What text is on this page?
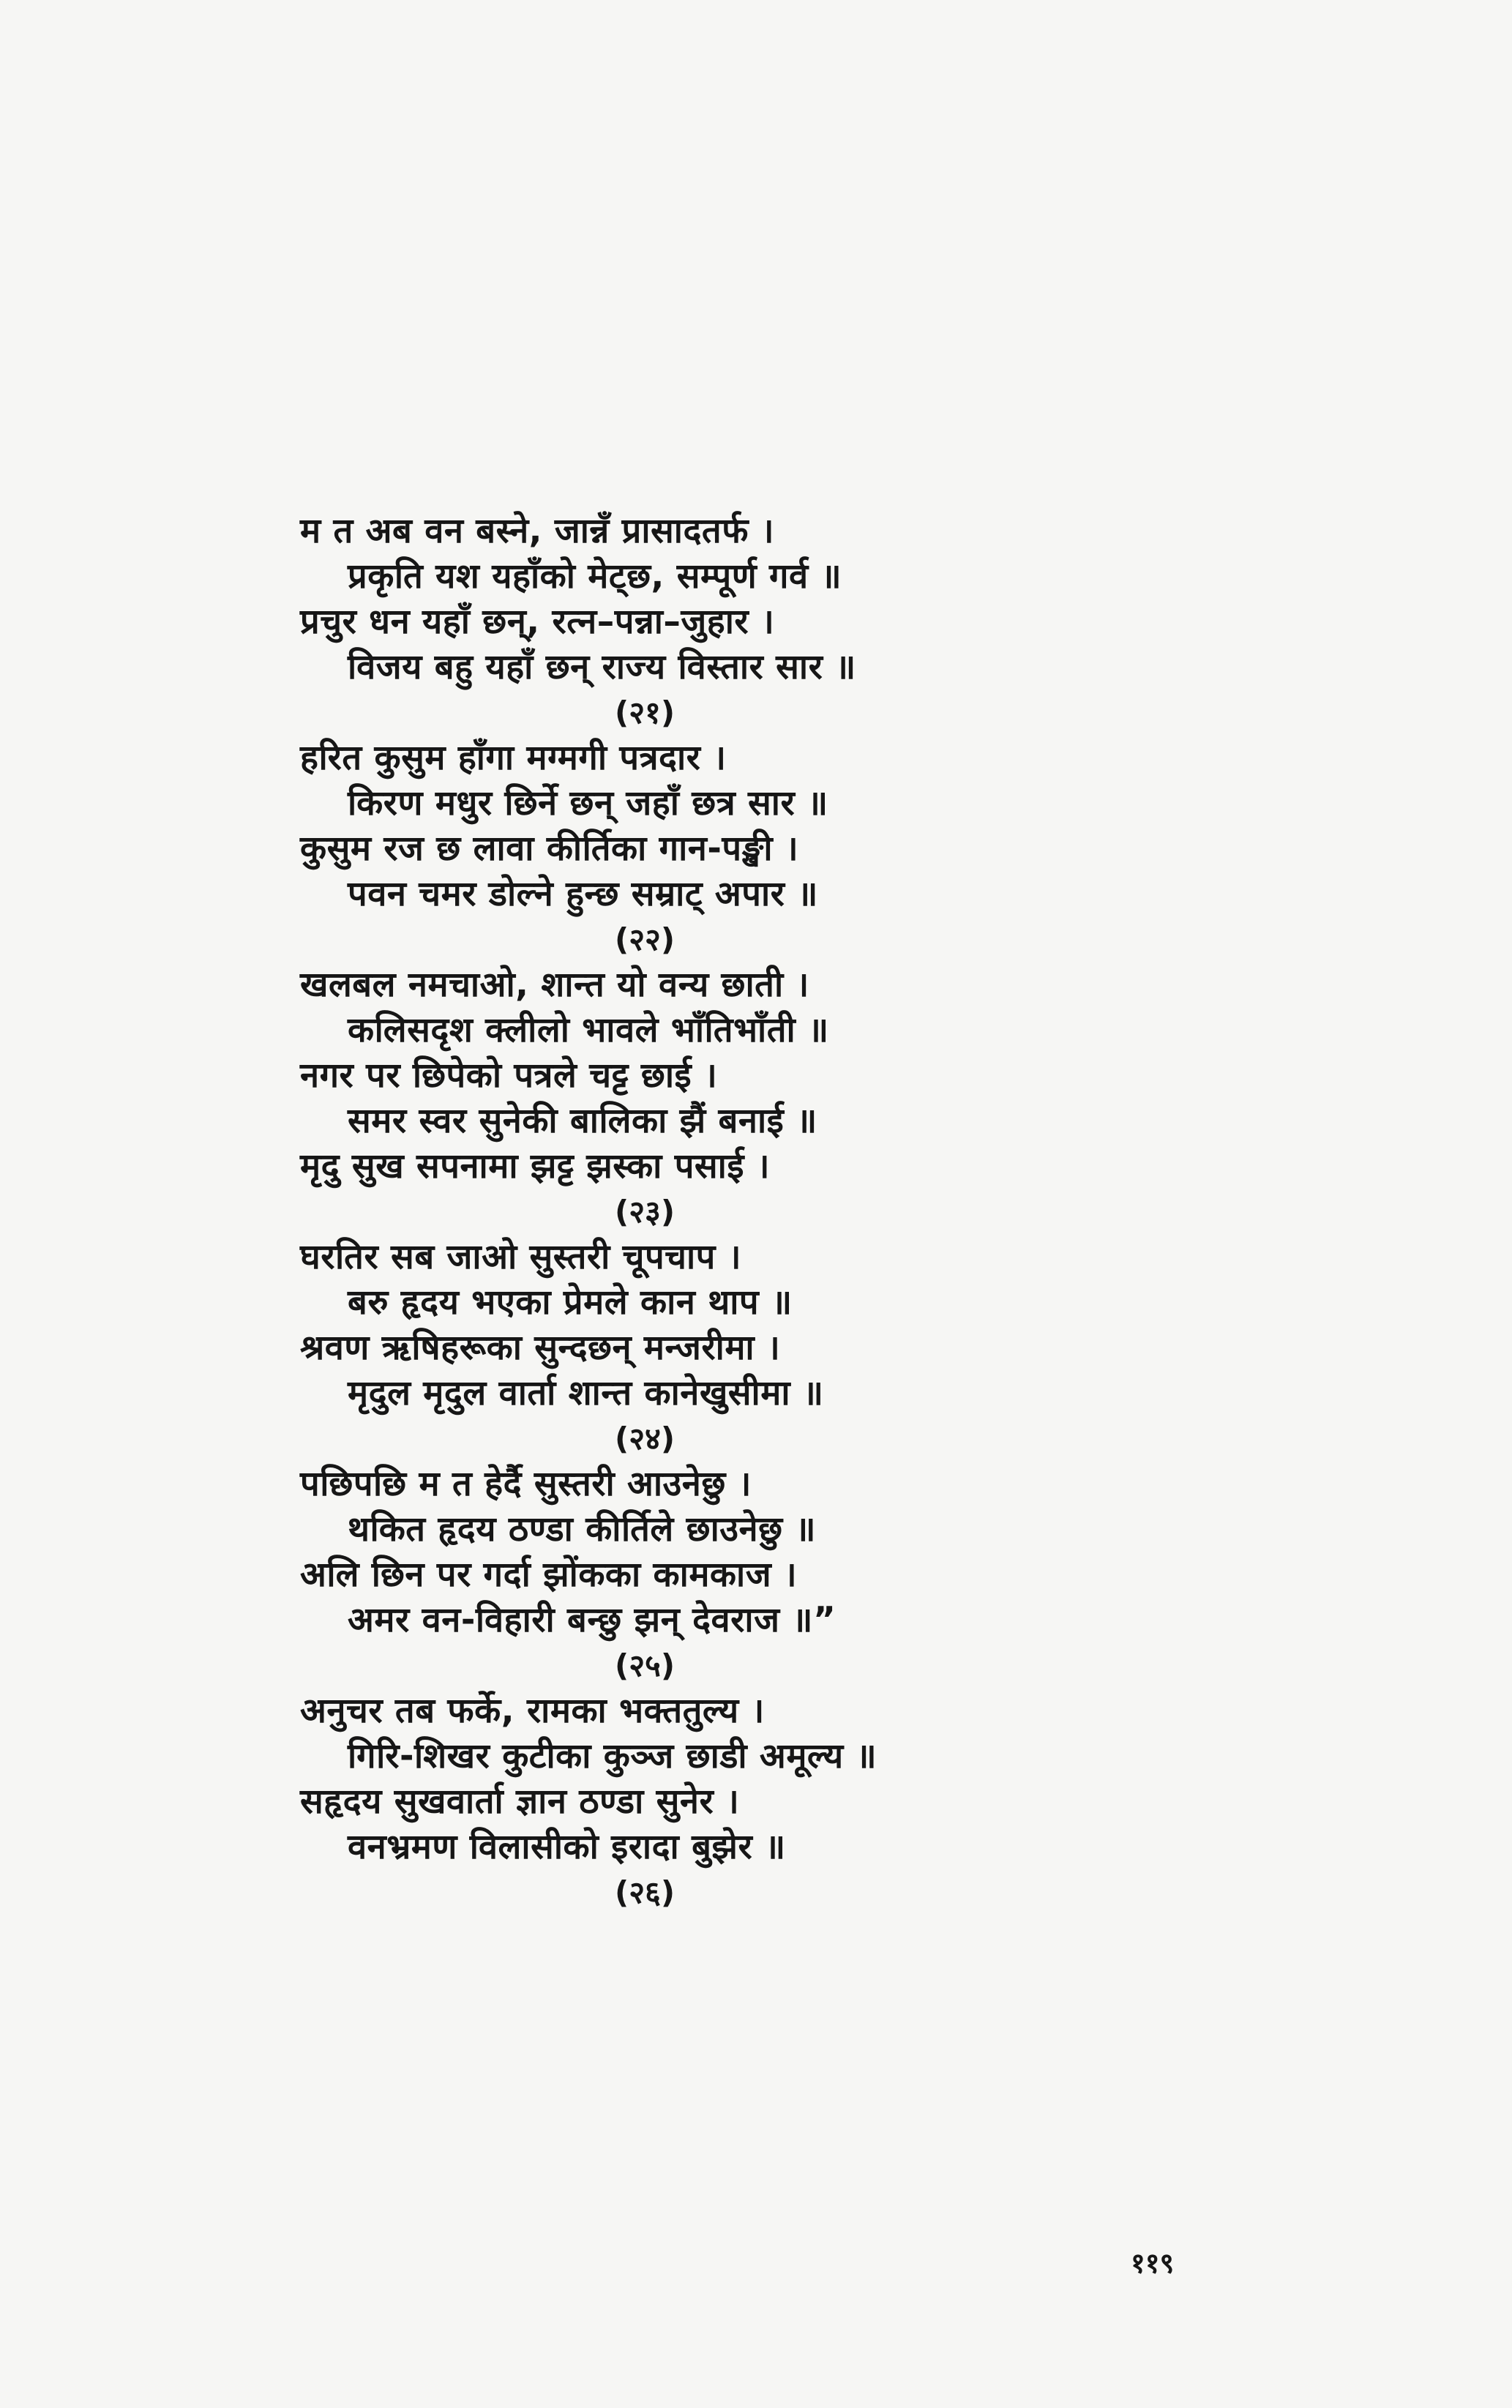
म त अब वन बस्ने, जान्नँ प्रासादतर्फ ।
प्रकृति यश यहाँको मेट्छ, सम्पूर्ण गर्व ॥
प्रचुर धन यहाँ छन्, रत्न–पन्ना–जुहार ।
विजय बहु यहाँ छन् राज्य विस्तार सार ॥
(२१)
हरित कुसुम हाँगा मग्मगी पत्रदार ।
किरण मधुर छिर्ने छन् जहाँ छत्र सार ॥
कुसुम रज छ लावा कीर्तिका गान-पङ्खी ।
पवन चमर डोल्ने हुन्छ सम्राट् अपार ॥
(२२)
खलबल नमचाओ, शान्त यो वन्य छाती ।
कलिसदृश क्लीलो भावले भाँतिभाँती ॥
नगर पर छिपेको पत्रले चट्ट छाई ।
समर स्वर सुनेकी बालिका झैं बनाई ॥
मृदु सुख सपनामा झट्ट झस्का पसाई ।
(२३)
घरतिर सब जाओ सुस्तरी चूपचाप ।
बरु हृदय भएका प्रेमले कान थाप ॥
श्रवण ऋषिहरूका सुन्दछन् मन्जरीमा ।
मृदुल मृदुल वार्ता शान्त कानेखुसीमा ॥
(२४)
पछिपछि म त हेर्दै सुस्तरी आउनेछु ।
थकित हृदय ठण्डा कीर्तिले छाउनेछु ॥
अलि छिन पर गर्दा झोंकका कामकाज ।
अमर वन-विहारी बन्छु झन् देवराज ॥”
(२५)
अनुचर तब फर्के, रामका भक्ततुल्य ।
गिरि-शिखर कुटीका कुञ्ज छाडी अमूल्य ॥
सहृदय सुखवार्ता ज्ञान ठण्डा सुनेर ।
वनभ्रमण विलासीको इरादा बुझेर ॥
(२६)
११९
